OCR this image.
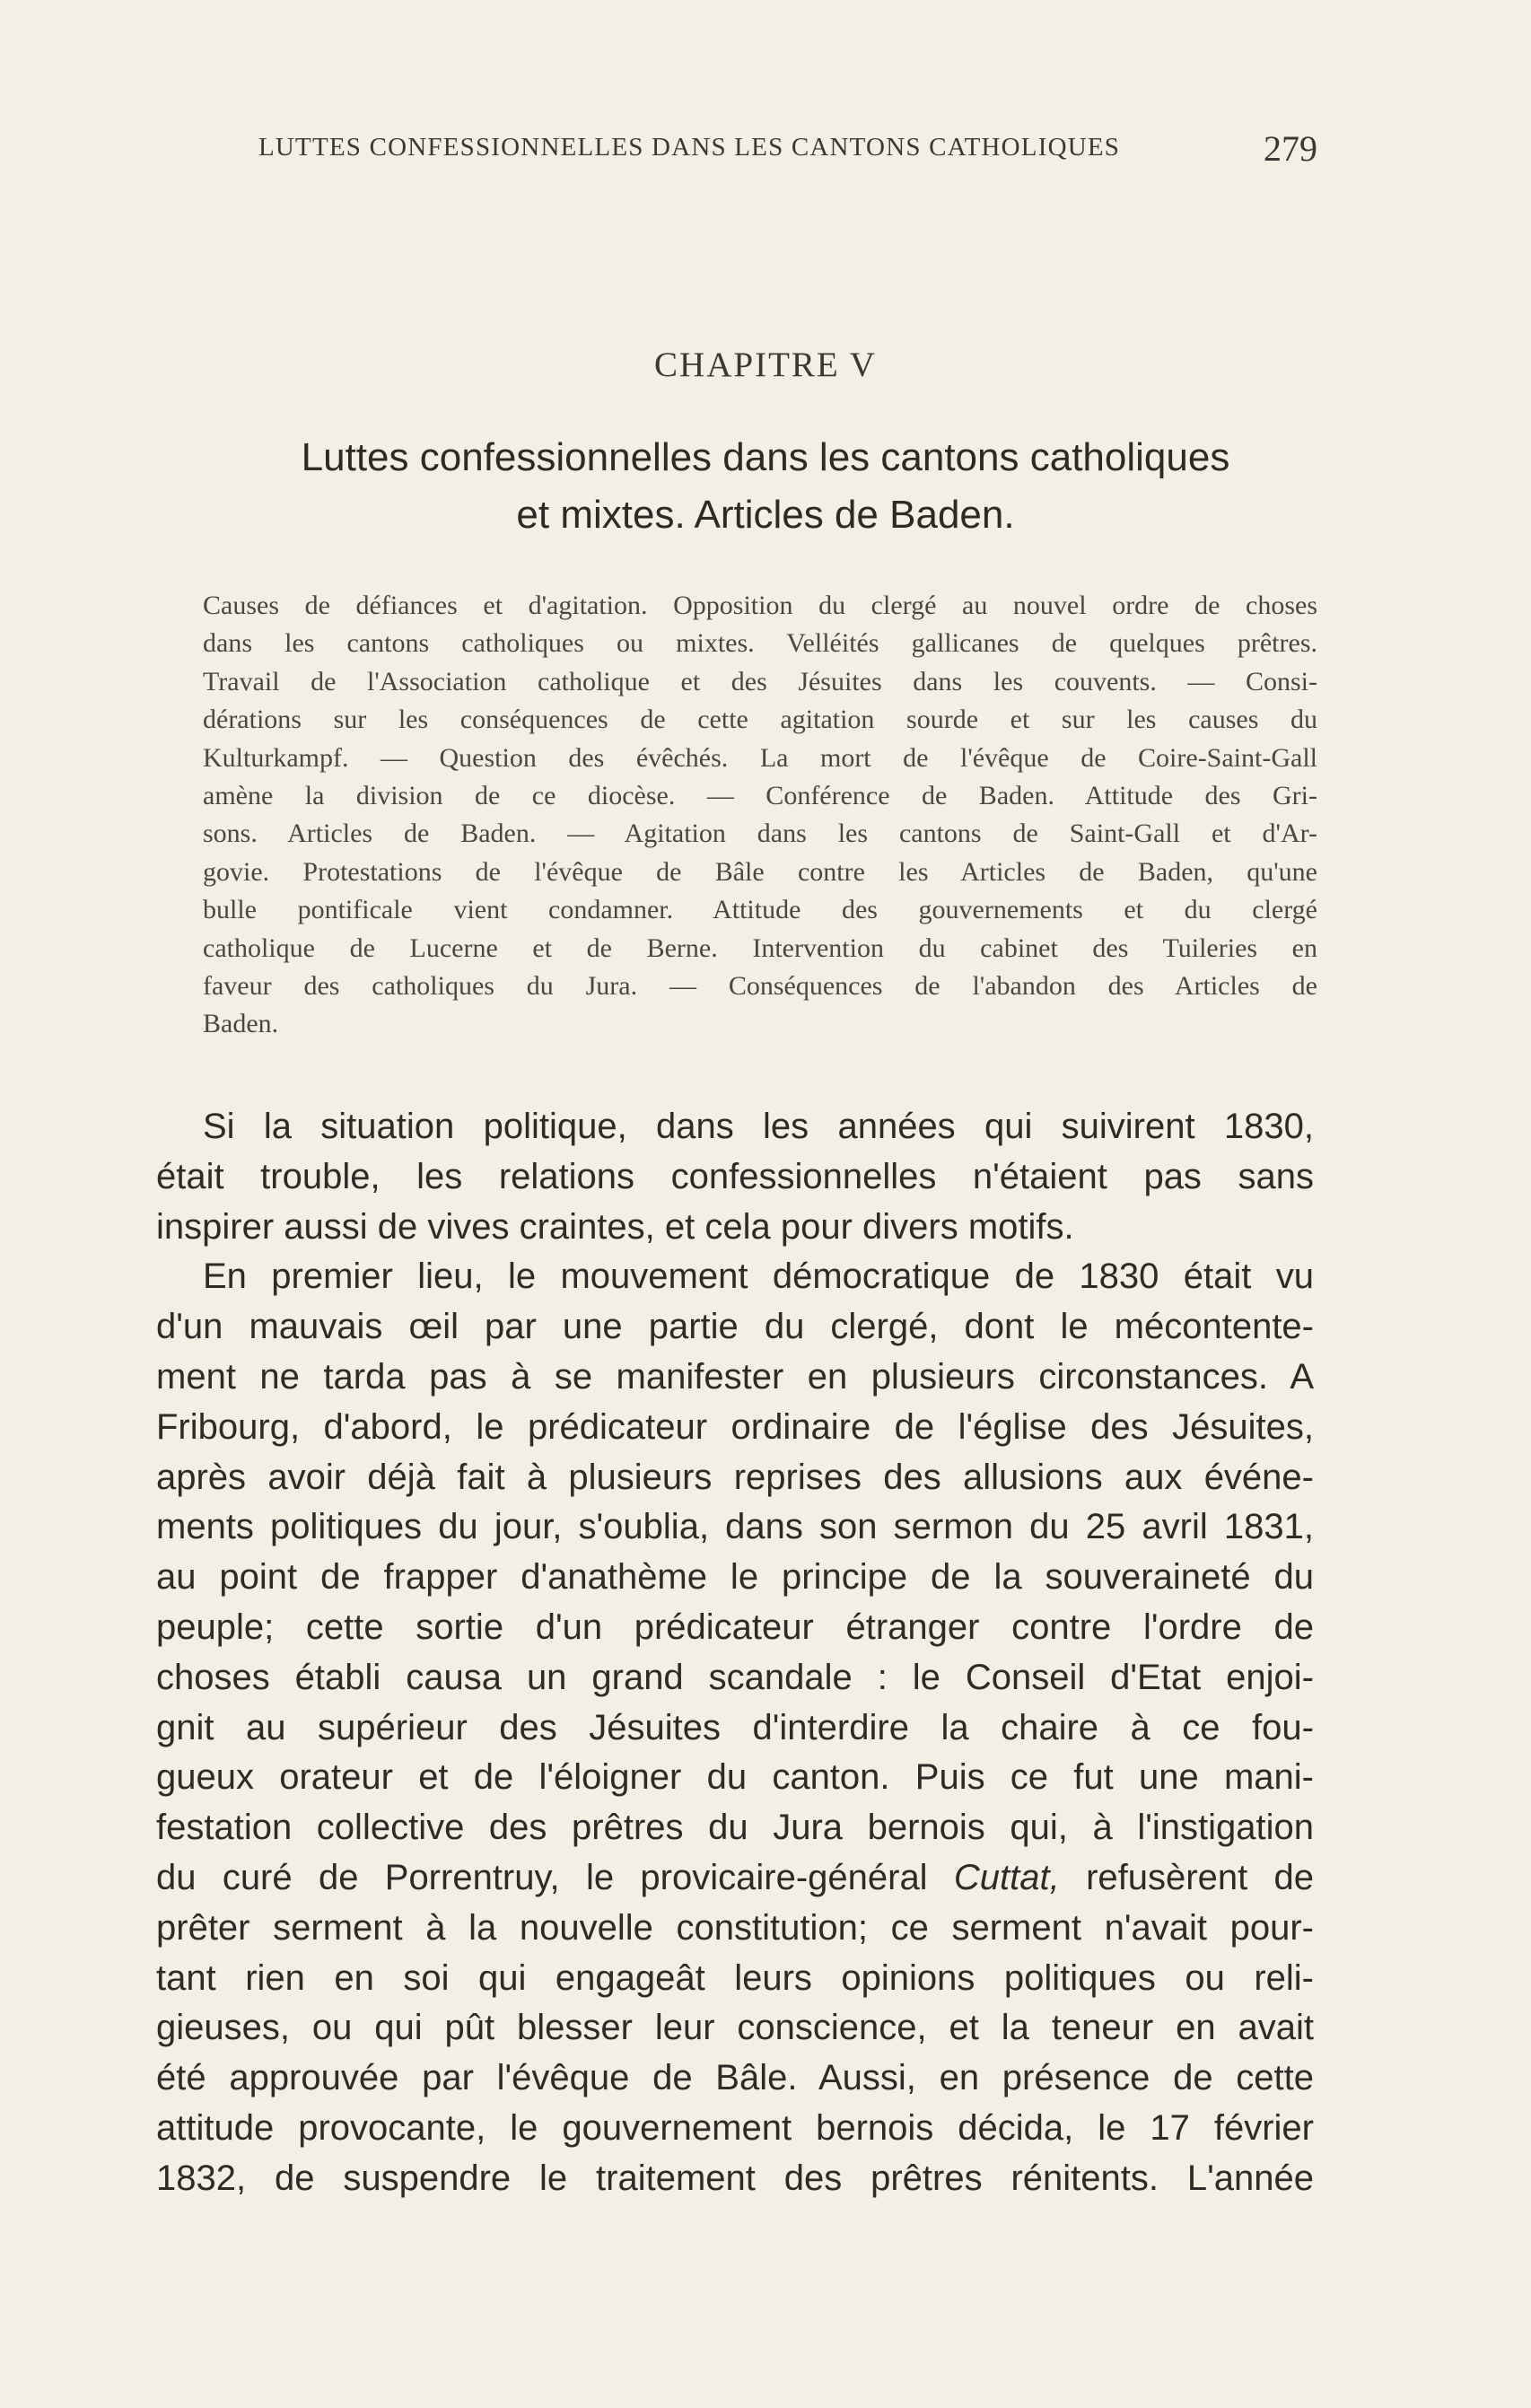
LUTTES CONFESSIONNELLES DANS LES CANTONS CATHOLIQUES	279
CHAPITRE V
Luttes confessionnelles dans les cantons catholiques
et mixtes. Articles de Baden.
Causes de défiances et d'agitation. Opposition du clergé au nouvel ordre de choses
dans les cantons catholiques ou mixtes. Velléités gallicanes de quelques prêtres.
Travail de l'Association catholique et des Jésuites dans les couvents. — Consi-
dérations sur les conséquences de cette agitation sourde et sur les causes du
Kulturkampf. — Question des évêchés. La mort de l'évêque de Coire-Saint-Gall
amène la division de ce diocèse. — Conférence de Baden. Attitude des Gri-
sons. Articles de Baden. — Agitation dans les cantons de Saint-Gall et d'Ar-
govie. Protestations de l'évêque de Bâle contre les Articles de Baden, qu'une
bulle pontificale vient condamner. Attitude des gouvernements et du clergé
catholique de Lucerne et de Berne. Intervention du cabinet des Tuileries en
faveur des catholiques du Jura. — Conséquences de l'abandon des Articles de
Baden.
Si la situation politique, dans les années qui suivirent 1830,
était trouble, les relations confessionnelles n'étaient pas sans
inspirer aussi de vives craintes, et cela pour divers motifs.
En premier lieu, le mouvement démocratique de 1830 était vu
d'un mauvais œil par une partie du clergé, dont le mécontente-
ment ne tarda pas à se manifester en plusieurs circonstances. A
Fribourg, d'abord, le prédicateur ordinaire de l'église des Jésuites,
après avoir déjà fait à plusieurs reprises des allusions aux événe-
ments politiques du jour, s'oublia, dans son sermon du 25 avril 1831,
au point de frapper d'anathème le principe de la souveraineté du
peuple; cette sortie d'un prédicateur étranger contre l'ordre de
choses établi causa un grand scandale : le Conseil d'Etat enjoi-
gnit au supérieur des Jésuites d'interdire la chaire à ce fou-
gueux orateur et de l'éloigner du canton. Puis ce fut une mani-
festation collective des prêtres du Jura bernois qui, à l'instigation
du curé de Porrentruy, le provicaire-général Cuttat, refusèrent de
prêter serment à la nouvelle constitution; ce serment n'avait pour-
tant rien en soi qui engageât leurs opinions politiques ou reli-
gieuses, ou qui pût blesser leur conscience, et la teneur en avait
été approuvée par l'évêque de Bâle. Aussi, en présence de cette
attitude provocante, le gouvernement bernois décida, le 17 février
1832, de suspendre le traitement des prêtres rénitents. L'année
